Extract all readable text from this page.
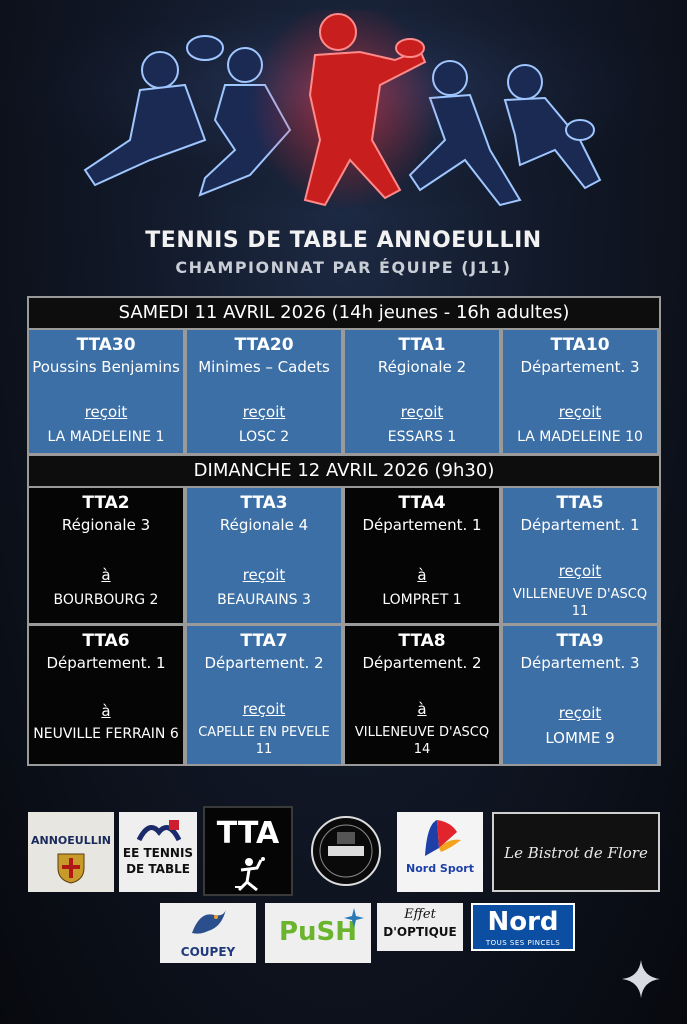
TENNIS DE TABLE ANNOEULLIN
CHAMPIONNAT PAR ÉQUIPE (J11)
SAMEDI 11 AVRIL 2026 (14h jeunes - 16h adultes)
TTA30
Poussins Benjamins
reçoit
LA MADELEINE 1
TTA20
Minimes – Cadets
reçoit
LOSC 2
TTA1
Régionale 2
reçoit
ESSARS 1
TTA10
Département. 3
reçoit
LA MADELEINE 10
DIMANCHE 12 AVRIL 2026 (9h30)
TTA2
Régionale 3
à
BOURBOURG 2
TTA3
Régionale 4
reçoit
BEAURAINS 3
TTA4
Département. 1
à
LOMPRET 1
TTA5
Département. 1
reçoit
VILLENEUVE D'ASCQ
11
TTA6
Département. 1
à
NEUVILLE FERRAIN 6
TTA7
Département. 2
reçoit
CAPELLE EN PEVELE
11
TTA8
Département. 2
à
VILLENEUVE D'ASCQ
14
TTA9
Département. 3
reçoit
LOMME 9
ANNOEULLIN
EE TENNIS
DE TABLE
TTA
Nord Sport
Le Bistrot de Flore
COUPEY
PuSH
Effet
D'OPTIQUE	Nord
TOUS SES PINCELS
